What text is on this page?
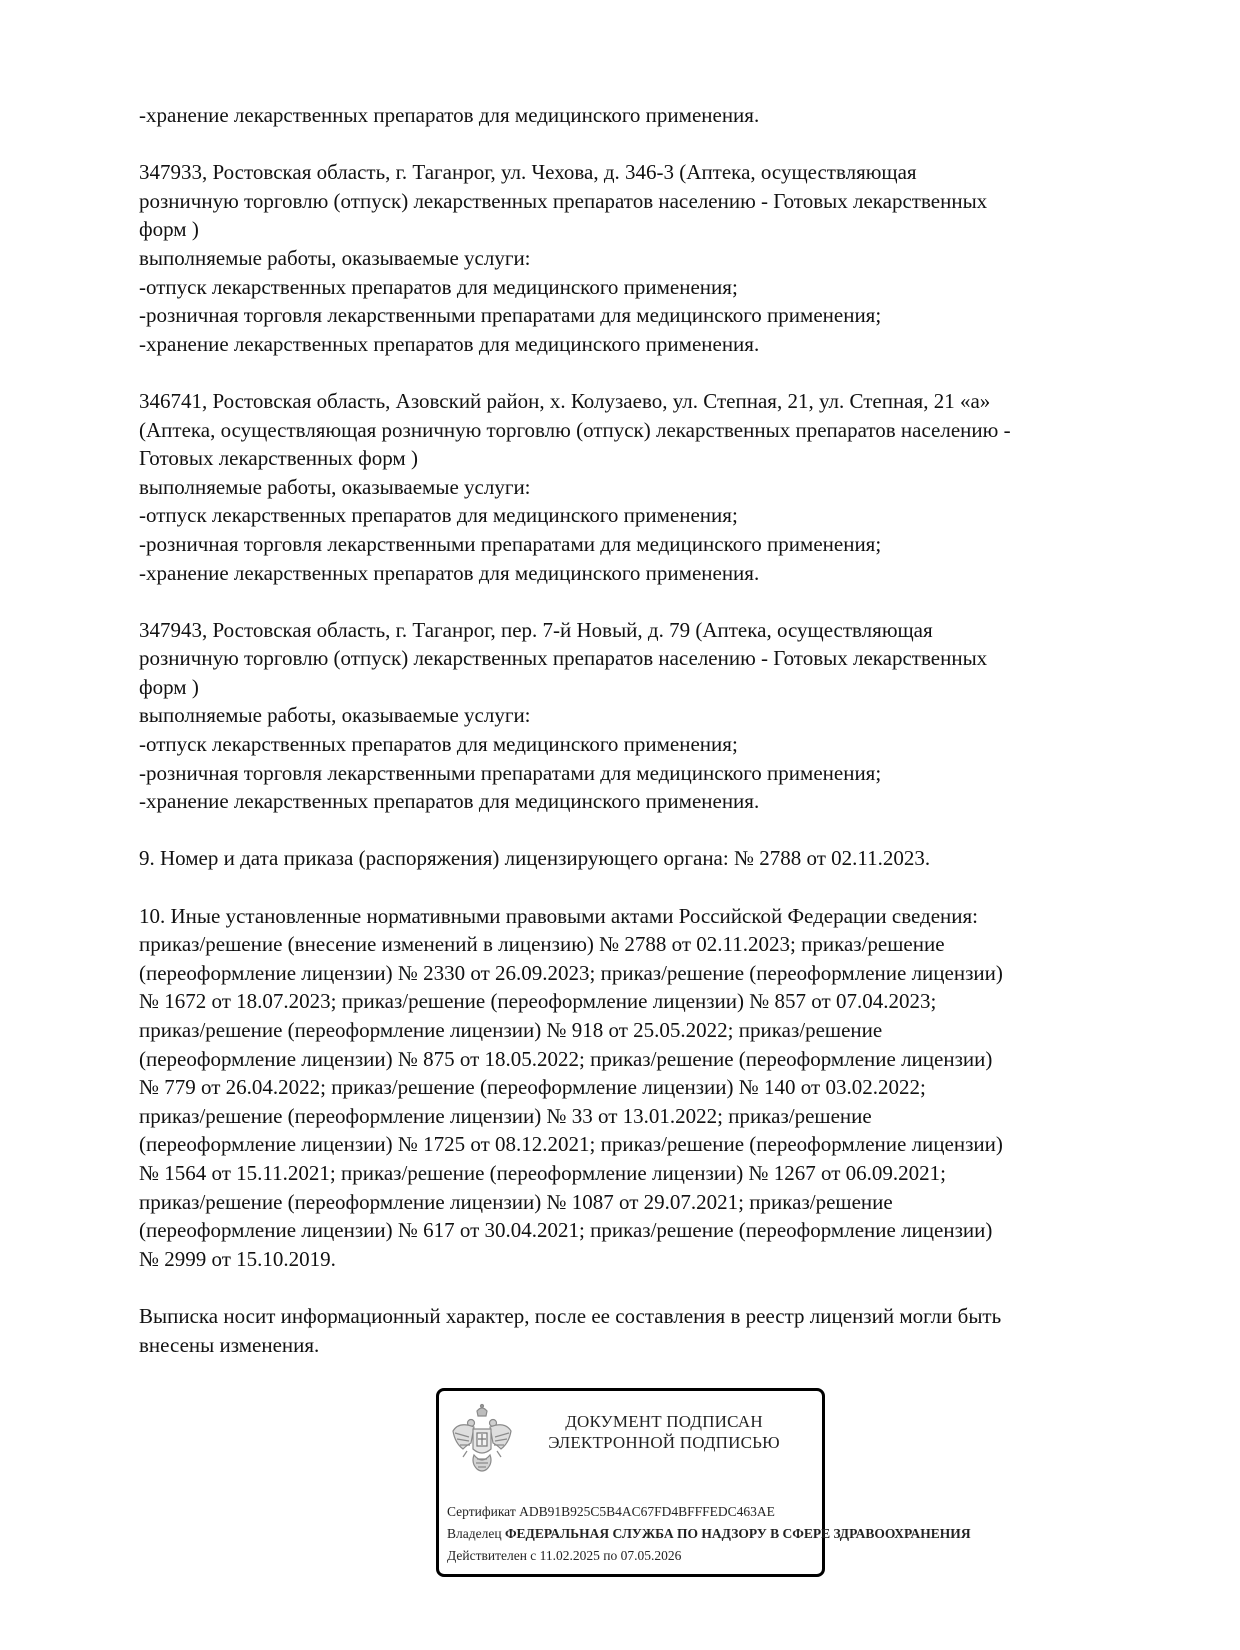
-хранение лекарственных препаратов для медицинского применения.
347933, Ростовская область, г. Таганрог, ул. Чехова, д. 346-3 (Аптека, осуществляющая
розничную торговлю (отпуск) лекарственных препаратов населению - Готовых лекарственных
форм )
выполняемые работы, оказываемые услуги:
-отпуск лекарственных препаратов для медицинского применения;
-розничная торговля лекарственными препаратами для медицинского применения;
-хранение лекарственных препаратов для медицинского применения.
346741, Ростовская область, Азовский район, х. Колузаево, ул. Степная, 21, ул. Степная, 21 «а»
(Аптека, осуществляющая розничную торговлю (отпуск) лекарственных препаратов населению -
Готовых лекарственных форм )
выполняемые работы, оказываемые услуги:
-отпуск лекарственных препаратов для медицинского применения;
-розничная торговля лекарственными препаратами для медицинского применения;
-хранение лекарственных препаратов для медицинского применения.
347943, Ростовская область, г. Таганрог, пер. 7-й Новый, д. 79 (Аптека, осуществляющая
розничную торговлю (отпуск) лекарственных препаратов населению - Готовых лекарственных
форм )
выполняемые работы, оказываемые услуги:
-отпуск лекарственных препаратов для медицинского применения;
-розничная торговля лекарственными препаратами для медицинского применения;
-хранение лекарственных препаратов для медицинского применения.
9. Номер и дата приказа (распоряжения) лицензирующего органа: № 2788 от 02.11.2023.
10. Иные установленные нормативными правовыми актами Российской Федерации сведения:
приказ/решение (внесение изменений в лицензию) № 2788 от 02.11.2023; приказ/решение
(переоформление лицензии) № 2330 от 26.09.2023; приказ/решение (переоформление лицензии)
№ 1672 от 18.07.2023; приказ/решение (переоформление лицензии) № 857 от 07.04.2023;
приказ/решение (переоформление лицензии) № 918 от 25.05.2022; приказ/решение
(переоформление лицензии) № 875 от 18.05.2022; приказ/решение (переоформление лицензии)
№ 779 от 26.04.2022; приказ/решение (переоформление лицензии) № 140 от 03.02.2022;
приказ/решение (переоформление лицензии) № 33 от 13.01.2022; приказ/решение
(переоформление лицензии) № 1725 от 08.12.2021; приказ/решение (переоформление лицензии)
№ 1564 от 15.11.2021; приказ/решение (переоформление лицензии) № 1267 от 06.09.2021;
приказ/решение (переоформление лицензии) № 1087 от 29.07.2021; приказ/решение
(переоформление лицензии) № 617 от 30.04.2021; приказ/решение (переоформление лицензии)
№ 2999 от 15.10.2019.
Выписка носит информационный характер, после ее составления в реестр лицензий могли быть
внесены изменения.
ДОКУМЕНТ ПОДПИСАН
ЭЛЕКТРОННОЙ ПОДПИСЬЮ
Сертификат ADB91B925C5B4AC67FD4BFFFEDC463AE
Владелец ФЕДЕРАЛЬНАЯ СЛУЖБА ПО НАДЗОРУ В СФЕРЕ ЗДРАВООХРАНЕНИЯ
Действителен с 11.02.2025 по 07.05.2026
